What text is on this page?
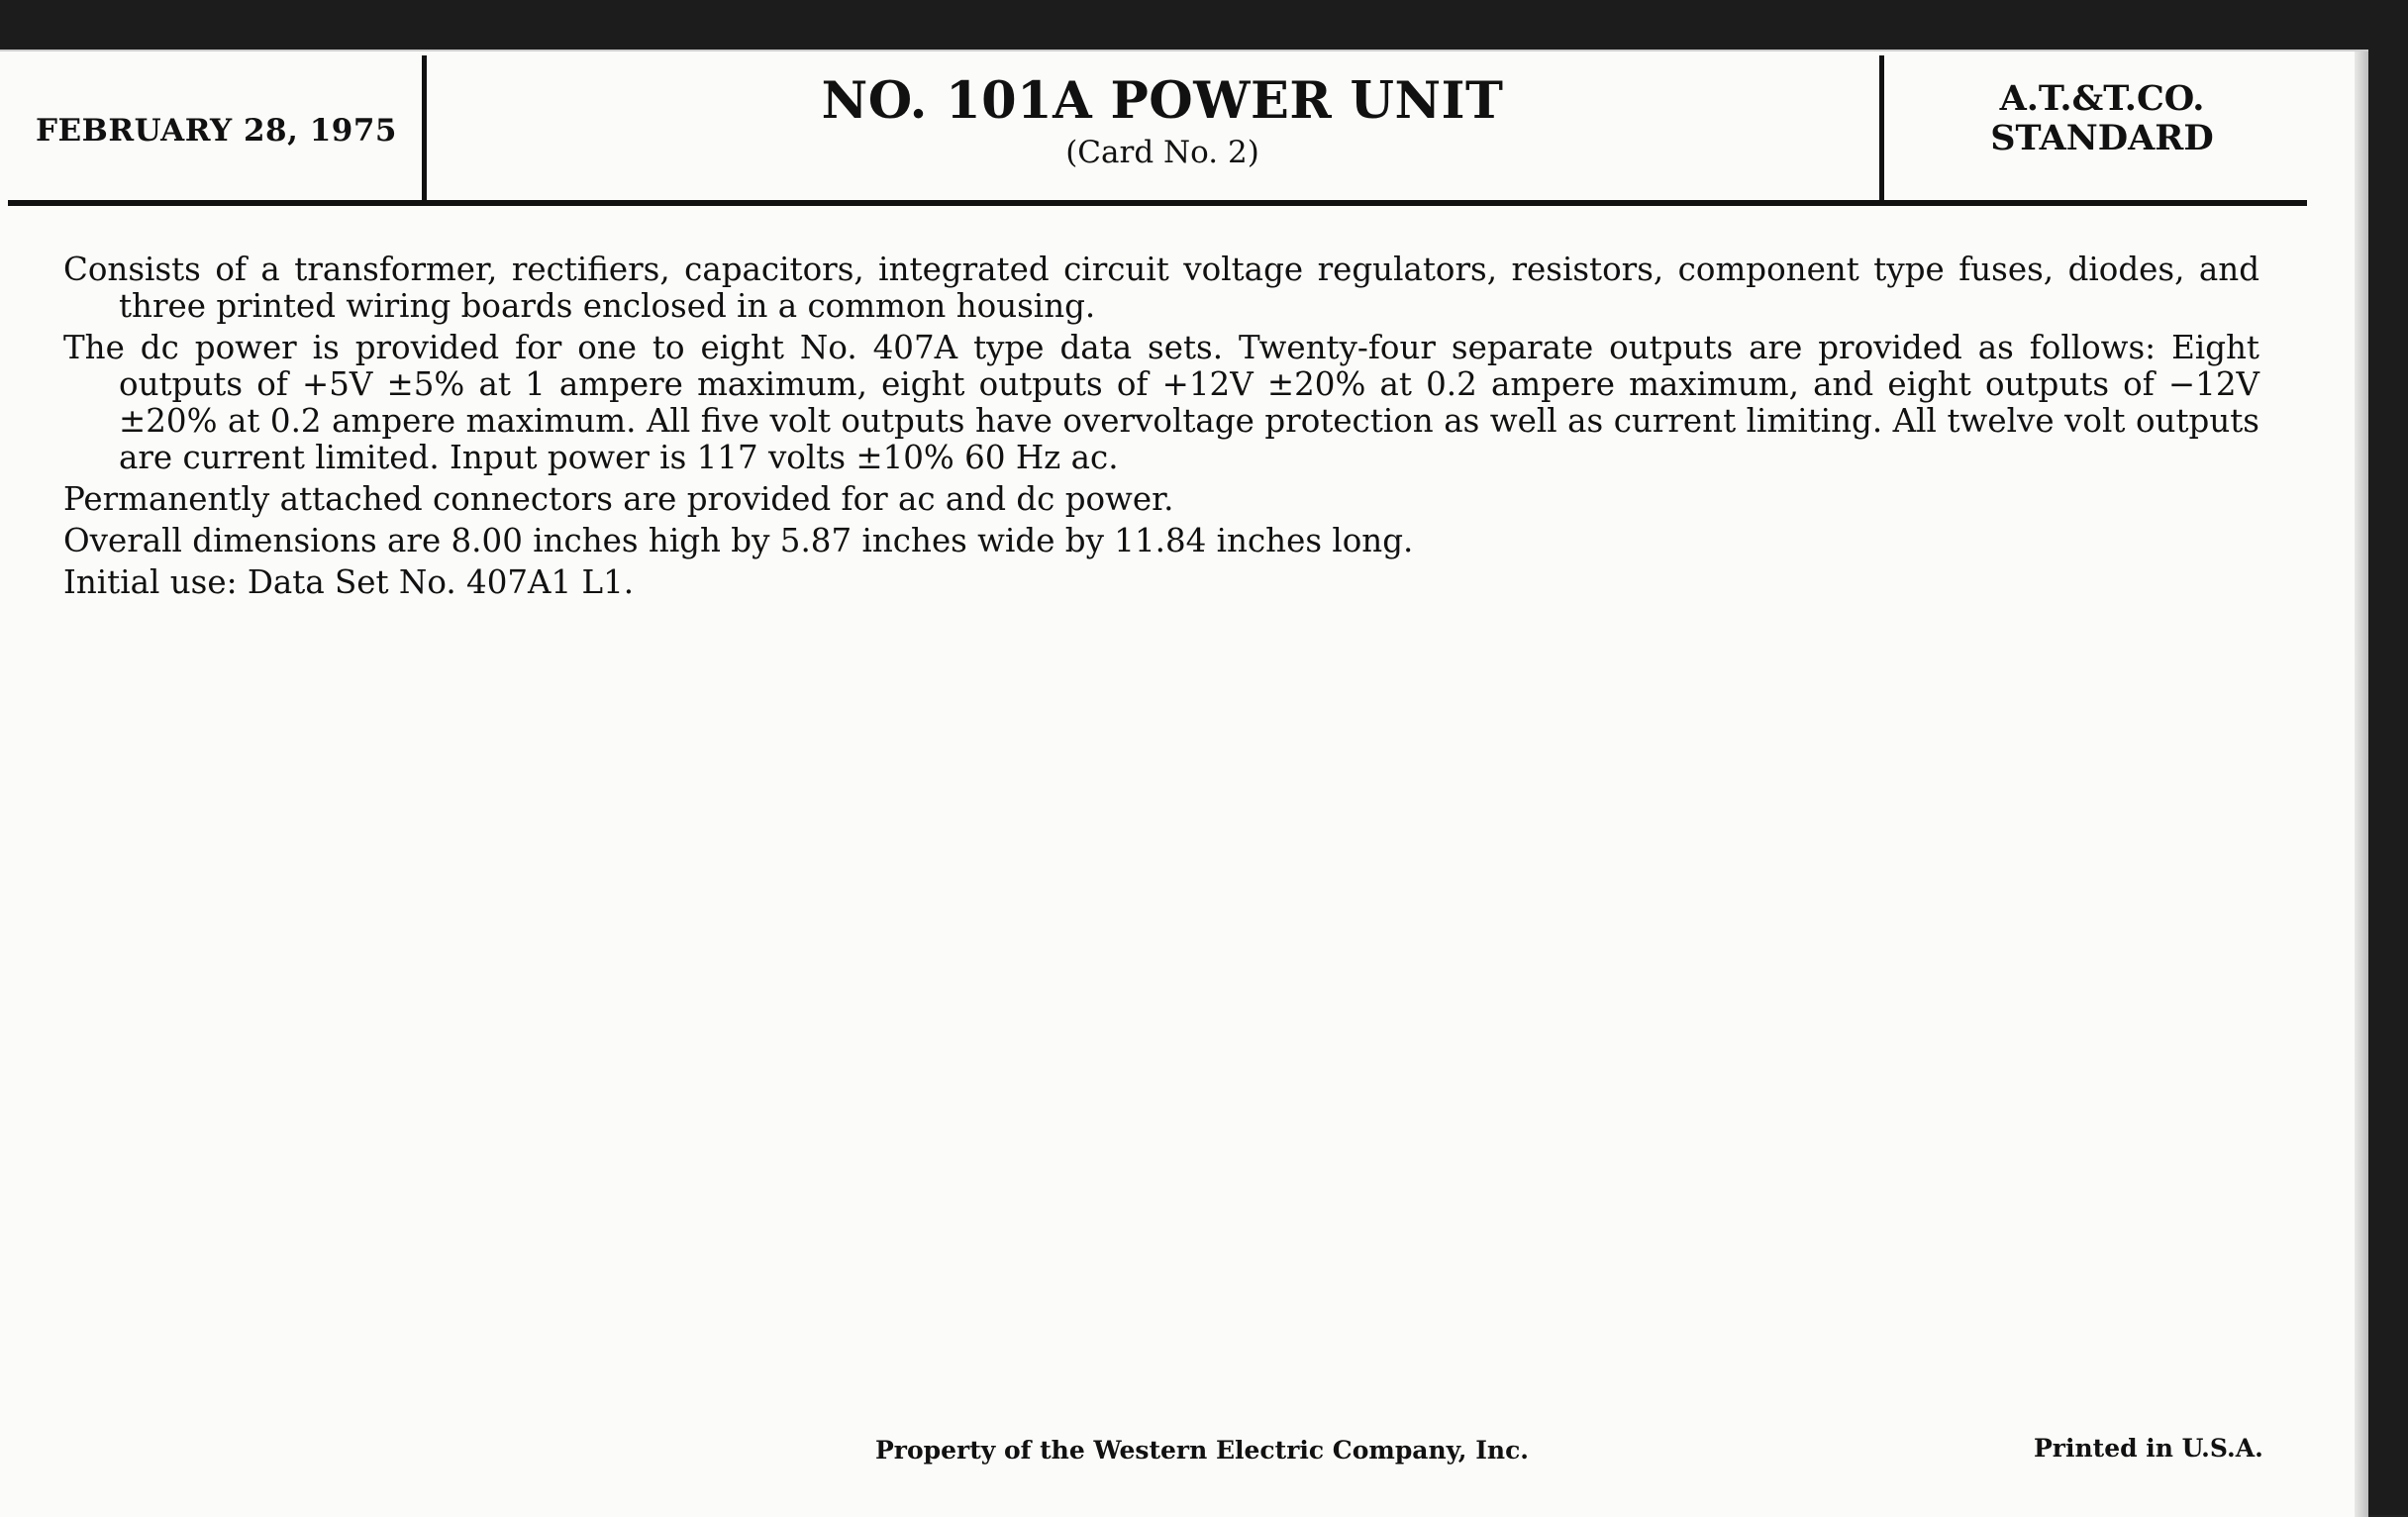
FEBRUARY 28, 1975	NO. 101A POWER UNIT
(Card No. 2)
A.T.&T.CO.
STANDARD

Consists of a transformer, rectifiers, capacitors, integrated circuit voltage regulators, resistors, component type fuses, diodes, and three printed wiring boards enclosed in a common housing.

The dc power is provided for one to eight No. 407A type data sets. Twenty-four separate outputs are provided as follows: Eight outputs of +5V ±5% at 1 ampere maximum, eight outputs of +12V ±20% at 0.2 ampere maximum, and eight outputs of −12V ±20% at 0.2 ampere maximum. All five volt outputs have overvoltage protection as well as current limiting. All twelve volt outputs are current limited. Input power is 117 volts ±10% 60 Hz ac.

Permanently attached connectors are provided for ac and dc power.

Overall dimensions are 8.00 inches high by 5.87 inches wide by 11.84 inches long.

Initial use: Data Set No. 407A1 L1.

Property of the Western Electric Company, Inc.	Printed in U.S.A.
